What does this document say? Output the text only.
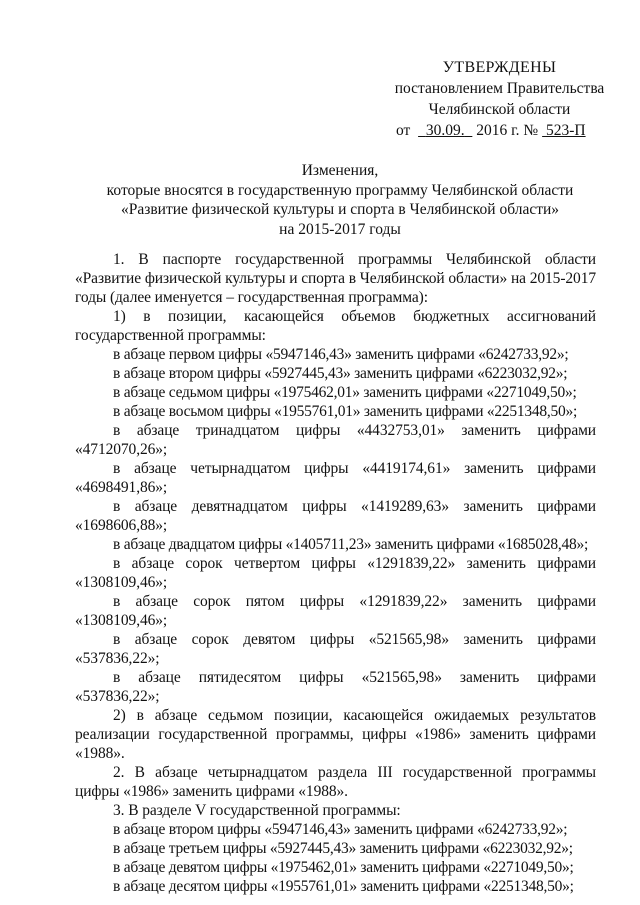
УТВЕРЖДЕНЫ
постановлением Правительства
Челябинской области
от 30.09. 2016 г. № 523-П
Изменения,
которые вносятся в государственную программу Челябинской области
«Развитие физической культуры и спорта в Челябинской области»
на 2015-2017 годы

1. В паспорте государственной программы Челябинской области «Развитие физической культуры и спорта в Челябинской области» на 2015-2017 годы (далее именуется – государственная программа):

1) в позиции, касающейся объемов бюджетных ассигнований государственной программы:

в абзаце первом цифры «5947146,43» заменить цифрами «6242733,92»;

в абзаце втором цифры «5927445,43» заменить цифрами «6223032,92»;

в абзаце седьмом цифры «1975462,01» заменить цифрами «2271049,50»;

в абзаце восьмом цифры «1955761,01» заменить цифрами «2251348,50»;

в абзаце тринадцатом цифры «4432753,01» заменить цифрами «4712070,26»;

в абзаце четырнадцатом цифры «4419174,61» заменить цифрами «4698491,86»;

в абзаце девятнадцатом цифры «1419289,63» заменить цифрами «1698606,88»;

в абзаце двадцатом цифры «1405711,23» заменить цифрами «1685028,48»;

в абзаце сорок четвертом цифры «1291839,22» заменить цифрами «1308109,46»;

в абзаце сорок пятом цифры «1291839,22» заменить цифрами «1308109,46»;

в абзаце сорок девятом цифры «521565,98» заменить цифрами «537836,22»;

в абзаце пятидесятом цифры «521565,98» заменить цифрами «537836,22»;

2) в абзаце седьмом позиции, касающейся ожидаемых результатов реализации государственной программы, цифры «1986» заменить цифрами «1988».

2. В абзаце четырнадцатом раздела III государственной программы цифры «1986» заменить цифрами «1988».

3. В разделе V государственной программы:

в абзаце втором цифры «5947146,43» заменить цифрами «6242733,92»;

в абзаце третьем цифры «5927445,43» заменить цифрами «6223032,92»;

в абзаце девятом цифры «1975462,01» заменить цифрами «2271049,50»;

в абзаце десятом цифры «1955761,01» заменить цифрами «2251348,50»;
